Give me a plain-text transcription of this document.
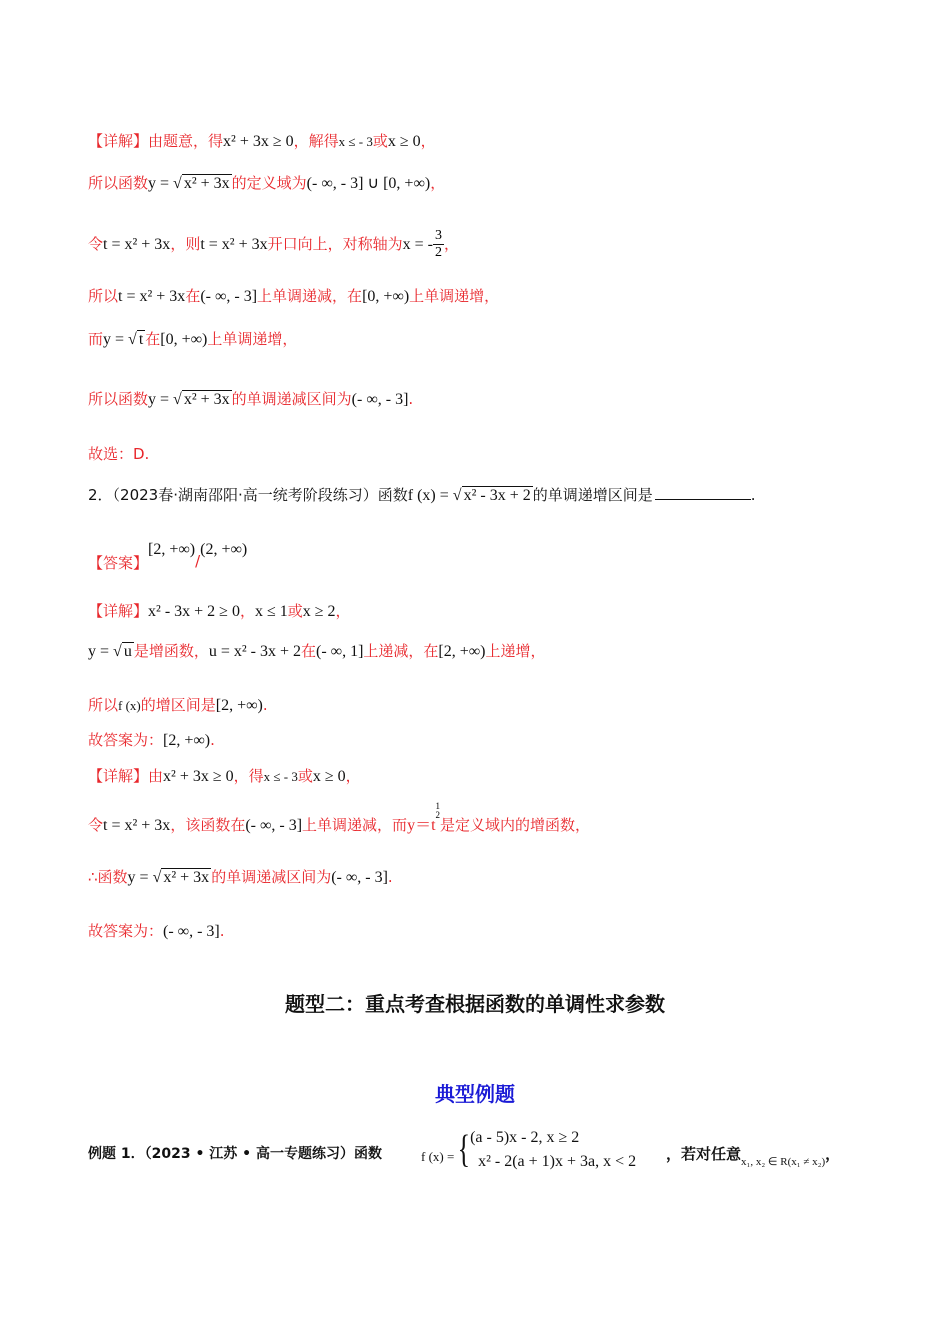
【详解】由题意，得x² + 3x ≥ 0，解得x ≤ - 3或x ≥ 0，
所以函数y = √ x² + 3x 的定义域为(- ∞, - 3] ∪ [0, +∞)，
令t = x² + 3x，则t = x² + 3x开口向上，对称轴为x = - $\frac{3}{2}$，
所以t = x² + 3x在(- ∞, - 3]上单调递减，在[0, +∞)上单调递增，
而y = √ t 在[0, +∞)上单调递增，
所以函数y = √ x² + 3x 的单调递减区间为(- ∞, - 3].
故选：D.
2．（2023春·湖南邵阳·高一统考阶段练习）函数f (x) = √ x² - 3x + 2 的单调递增区间是	.
【答案】[2, +∞)/(2, +∞)
【详解】x² - 3x + 2 ≥ 0，x ≤ 1或x ≥ 2，
y = √ u 是增函数，u = x² - 3x + 2在(- ∞, 1]上递减，在[2, +∞)上递增，
所以f (x)的增区间是[2, +∞).
故答案为：[2, +∞).
【详解】由x² + 3x ≥ 0，得x ≤ - 3或x ≥ 0，
令t = x² + 3x，该函数在(- ∞, - 3]上单调递减，而y＝t
1
2
是定义域内的增函数，
∴函数y = √ x² + 3x 的单调递减区间为(- ∞, - 3].
故答案为：(- ∞, - 3].
题型二：重点考查根据函数的单调性求参数
典型例题
例题 1．（2023 • 江苏 • 高一专题练习）函数	$_{f (x) =}$ { (a - 5)x - 2, x ≥ 2
x² - 2(a + 1)x + 3a, x < 2 ，若对任意$_{x_1, x_2 \in R(x_1 \ne x_2)}$，
